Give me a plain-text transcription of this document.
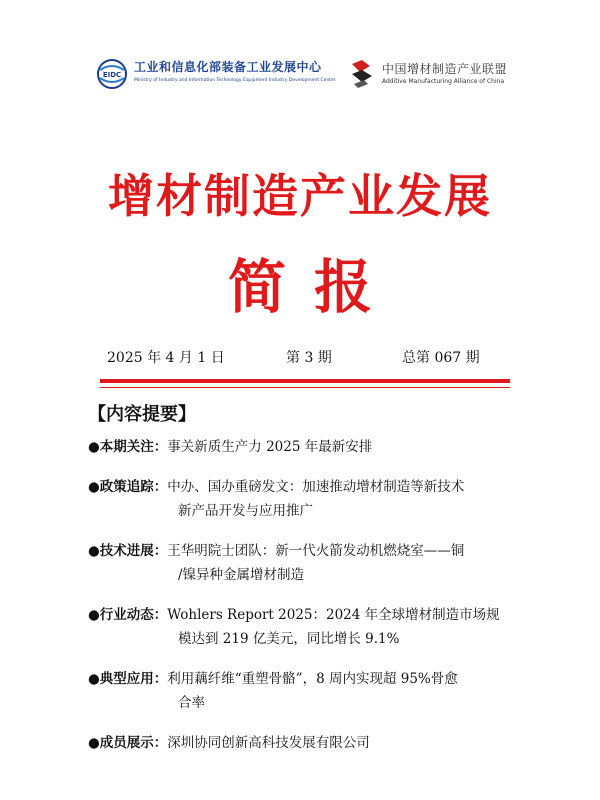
EIDC
工业和信息化部装备工业发展中心
Ministry of Industry and Information Technology Equipment Industry Development Center
中国增材制造产业联盟
Additive Manufacturing Alliance of China
增材制造产业发展
简报
2025 年 4 月 1 日	第 3 期	总第 067 期
【内容提要】
●本期关注： 事关新质生产力 2025 年最新安排
●政策追踪： 中办、国办重磅发文：加速推动增材制造等新技术
新产品开发与应用推广
●技术进展： 王华明院士团队：新一代火箭发动机燃烧室——铜
/镍异种金属增材制造
●行业动态： Wohlers Report 2025：2024 年全球增材制造市场规
模达到 219 亿美元，同比增长 9.1%
●典型应用： 利用藕纤维“重塑骨骼”，8 周内实现超 95%骨愈
合率
●成员展示： 深圳协同创新高科技发展有限公司
